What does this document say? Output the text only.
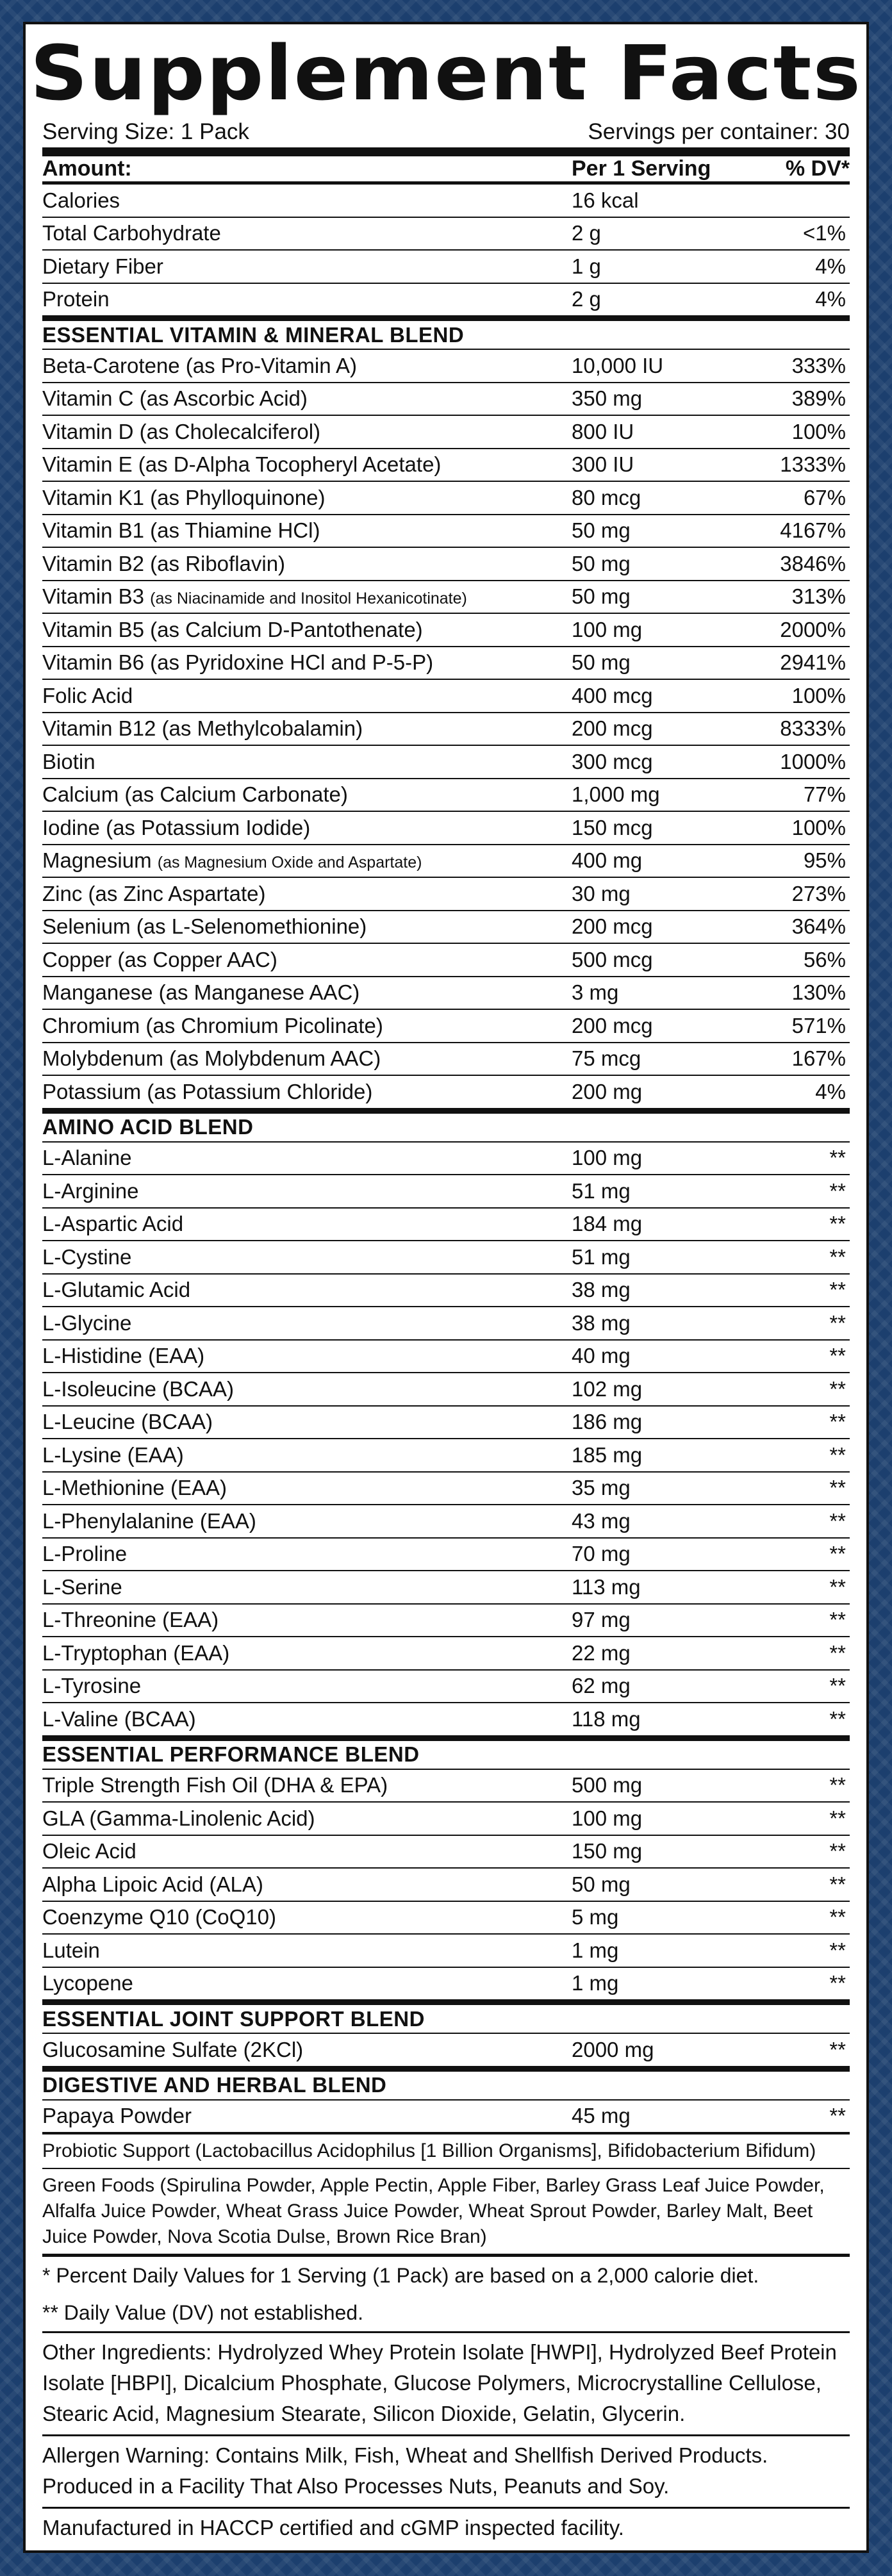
Supplement Facts
Serving Size: 1 Pack	Servings per container: 30
Amount:	Per 1 Serving	% DV*
Calories	16 kcal
Total Carbohydrate	2 g	<1%
Dietary Fiber	1 g	4%
Protein	2 g	4%
ESSENTIAL VITAMIN & MINERAL BLEND
Beta-Carotene (as Pro-Vitamin A)	10,000 IU	333%
Vitamin C (as Ascorbic Acid)	350 mg	389%
Vitamin D (as Cholecalciferol)	800 IU	100%
Vitamin E (as D-Alpha Tocopheryl Acetate)	300 IU	1333%
Vitamin K1 (as Phylloquinone)	80 mcg	67%
Vitamin B1 (as Thiamine HCl)	50 mg	4167%
Vitamin B2 (as Riboflavin)	50 mg	3846%
Vitamin B3 (as Niacinamide and Inositol Hexanicotinate)	50 mg	313%
Vitamin B5 (as Calcium D-Pantothenate)	100 mg	2000%
Vitamin B6 (as Pyridoxine HCl and P-5-P)	50 mg	2941%
Folic Acid	400 mcg	100%
Vitamin B12 (as Methylcobalamin)	200 mcg	8333%
Biotin	300 mcg	1000%
Calcium (as Calcium Carbonate)	1,000 mg	77%
Iodine (as Potassium Iodide)	150 mcg	100%
Magnesium (as Magnesium Oxide and Aspartate)	400 mg	95%
Zinc (as Zinc Aspartate)	30 mg	273%
Selenium (as L-Selenomethionine)	200 mcg	364%
Copper (as Copper AAC)	500 mcg	56%
Manganese (as Manganese AAC)	3 mg	130%
Chromium (as Chromium Picolinate)	200 mcg	571%
Molybdenum (as Molybdenum AAC)	75 mcg	167%
Potassium (as Potassium Chloride)	200 mg	4%
AMINO ACID BLEND
L-Alanine	100 mg	**
L-Arginine	51 mg	**
L-Aspartic Acid	184 mg	**
L-Cystine	51 mg	**
L-Glutamic Acid	38 mg	**
L-Glycine	38 mg	**
L-Histidine (EAA)	40 mg	**
L-Isoleucine (BCAA)	102 mg	**
L-Leucine (BCAA)	186 mg	**
L-Lysine (EAA)	185 mg	**
L-Methionine (EAA)	35 mg	**
L-Phenylalanine (EAA)	43 mg	**
L-Proline	70 mg	**
L-Serine	113 mg	**
L-Threonine (EAA)	97 mg	**
L-Tryptophan (EAA)	22 mg	**
L-Tyrosine	62 mg	**
L-Valine (BCAA)	118 mg	**
ESSENTIAL PERFORMANCE BLEND
Triple Strength Fish Oil (DHA & EPA)	500 mg	**
GLA (Gamma-Linolenic Acid)	100 mg	**
Oleic Acid	150 mg	**
Alpha Lipoic Acid (ALA)	50 mg	**
Coenzyme Q10 (CoQ10)	5 mg	**
Lutein	1 mg	**
Lycopene	1 mg	**
ESSENTIAL JOINT SUPPORT BLEND
Glucosamine Sulfate (2KCl)	2000 mg	**
DIGESTIVE AND HERBAL BLEND
Papaya Powder	45 mg	**
Probiotic Support (Lactobacillus Acidophilus [1 Billion Organisms], Bifidobacterium Bifidum)
Green Foods (Spirulina Powder, Apple Pectin, Apple Fiber, Barley Grass Leaf Juice Powder, Alfalfa Juice Powder, Wheat Grass Juice Powder, Wheat Sprout Powder, Barley Malt, Beet Juice Powder, Nova Scotia Dulse, Brown Rice Bran)
* Percent Daily Values for 1 Serving (1 Pack) are based on a 2,000 calorie diet.
** Daily Value (DV) not established.
Other Ingredients: Hydrolyzed Whey Protein Isolate [HWPI], Hydrolyzed Beef Protein Isolate [HBPI], Dicalcium Phosphate, Glucose Polymers, Microcrystalline Cellulose, Stearic Acid, Magnesium Stearate, Silicon Dioxide, Gelatin, Glycerin.
Allergen Warning: Contains Milk, Fish, Wheat and Shellfish Derived Products. Produced in a Facility That Also Processes Nuts, Peanuts and Soy.
Manufactured in HACCP certified and cGMP inspected facility.
